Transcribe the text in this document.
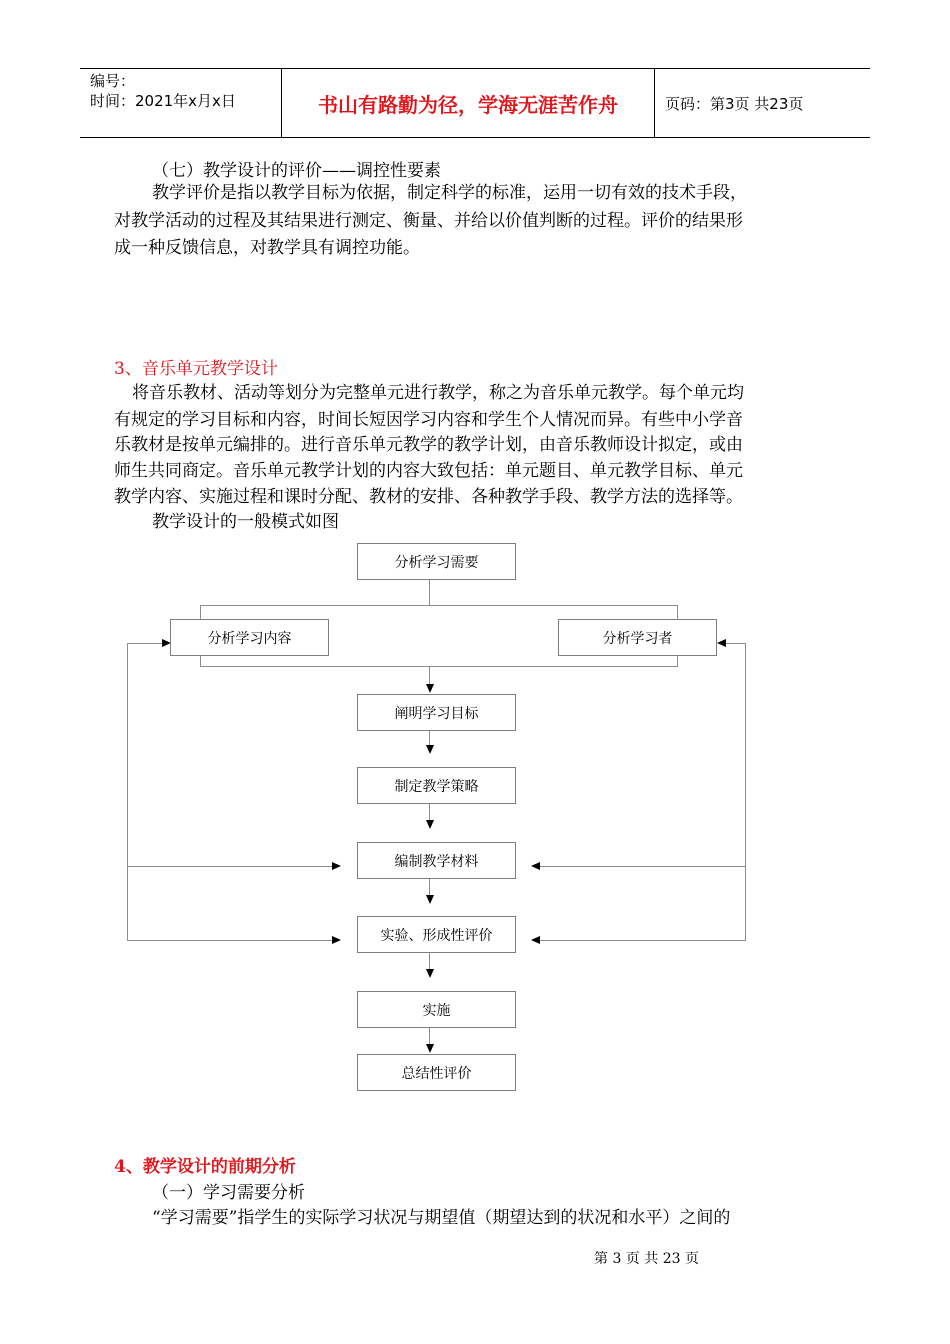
编号：
时间：2021年x月x日	书山有路勤为径，学海无涯苦作舟	页码：第3页 共23页
（七）教学设计的评价——调控性要素
教学评价是指以教学目标为依据，制定科学的标准，运用一切有效的技术手段，
对教学活动的过程及其结果进行测定、衡量、并给以价值判断的过程。评价的结果形
成一种反馈信息，对教学具有调控功能。
3、音乐单元教学设计
将音乐教材、活动等划分为完整单元进行教学，称之为音乐单元教学。每个单元均
有规定的学习目标和内容，时间长短因学习内容和学生个人情况而异。有些中小学音
乐教材是按单元编排的。进行音乐单元教学的教学计划，由音乐教师设计拟定，或由
师生共同商定。音乐单元教学计划的内容大致包括：单元题目、单元教学目标、单元
教学内容、实施过程和课时分配、教材的安排、各种教学手段、教学方法的选择等。
教学设计的一般模式如图
分析学习需要
分析学习内容	分析学习者
阐明学习目标
制定教学策略
编制教学材料
实验、形成性评价
实施
总结性评价
4、教学设计的前期分析
（一）学习需要分析
“学习需要”指学生的实际学习状况与期望值（期望达到的状况和水平）之间的
第 3 页 共 23 页
